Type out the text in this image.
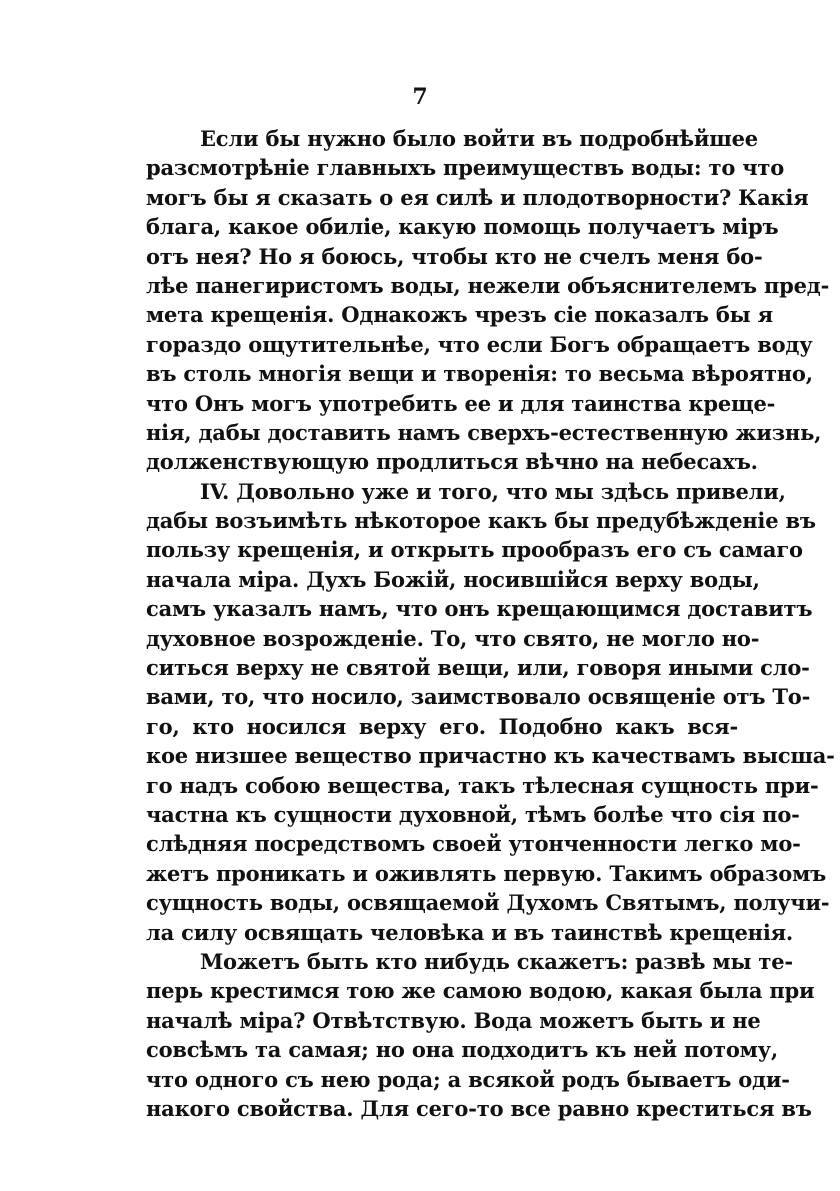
7
Если бы нужно было войти въ подробнѣйшее
разсмотрѣніе главныхъ преимуществъ воды: то что
могъ бы я сказать о ея силѣ и плодотворности? Какія
блага, какое обиліе, какую помощь получаетъ міръ
отъ нея? Но я боюсь, чтобы кто не счелъ меня бо-
лѣе панегиристомъ воды, нежели объяснителемъ пред-
мета крещенія. Однакожъ чрезъ сіе показалъ бы я
гораздо ощутительнѣе, что если Богъ обращаетъ воду
въ столь многія вещи и творенія: то весьма вѣроятно,
что Онъ могъ употребить ее и для таинства креще-
нія, дабы доставить намъ сверхъ-естественную жизнь,
долженствующую продлиться вѣчно на небесахъ.
IV. Довольно уже и того, что мы здѣсь привели,
дабы возъимѣть нѣкоторое какъ бы предубѣжденіе въ
пользу крещенія, и открыть прообразъ его съ самаго
начала міра. Духъ Божій, носившійся верху воды,
самъ указалъ намъ, что онъ крещающимся доставитъ
духовное возрожденіе. То, что свято, не могло но-
ситься верху не святой вещи, или, говоря иными сло-
вами, то, что носило, заимствовало освященіе отъ То-
го, кто носился верху его. Подобно какъ вся-
кое низшее вещество причастно къ качествамъ высша-
го надъ собою вещества, такъ тѣлесная сущность при-
частна къ сущности духовной, тѣмъ болѣе что сія по-
слѣдняя посредствомъ своей утонченности легко мо-
жетъ проникать и оживлять первую. Такимъ образомъ
сущность воды, освящаемой Духомъ Святымъ, получи-
ла силу освящать человѣка и въ таинствѣ крещенія.
Можетъ быть кто нибудь скажетъ: развѣ мы те-
перь крестимся тою же самою водою, какая была при
началѣ міра? Отвѣтствую. Вода можетъ быть и не
совсѣмъ та самая; но она подходитъ къ ней потому,
что одного съ нею рода; а всякой родъ бываетъ оди-
накого свойства. Для сего-то все равно креститься въ
